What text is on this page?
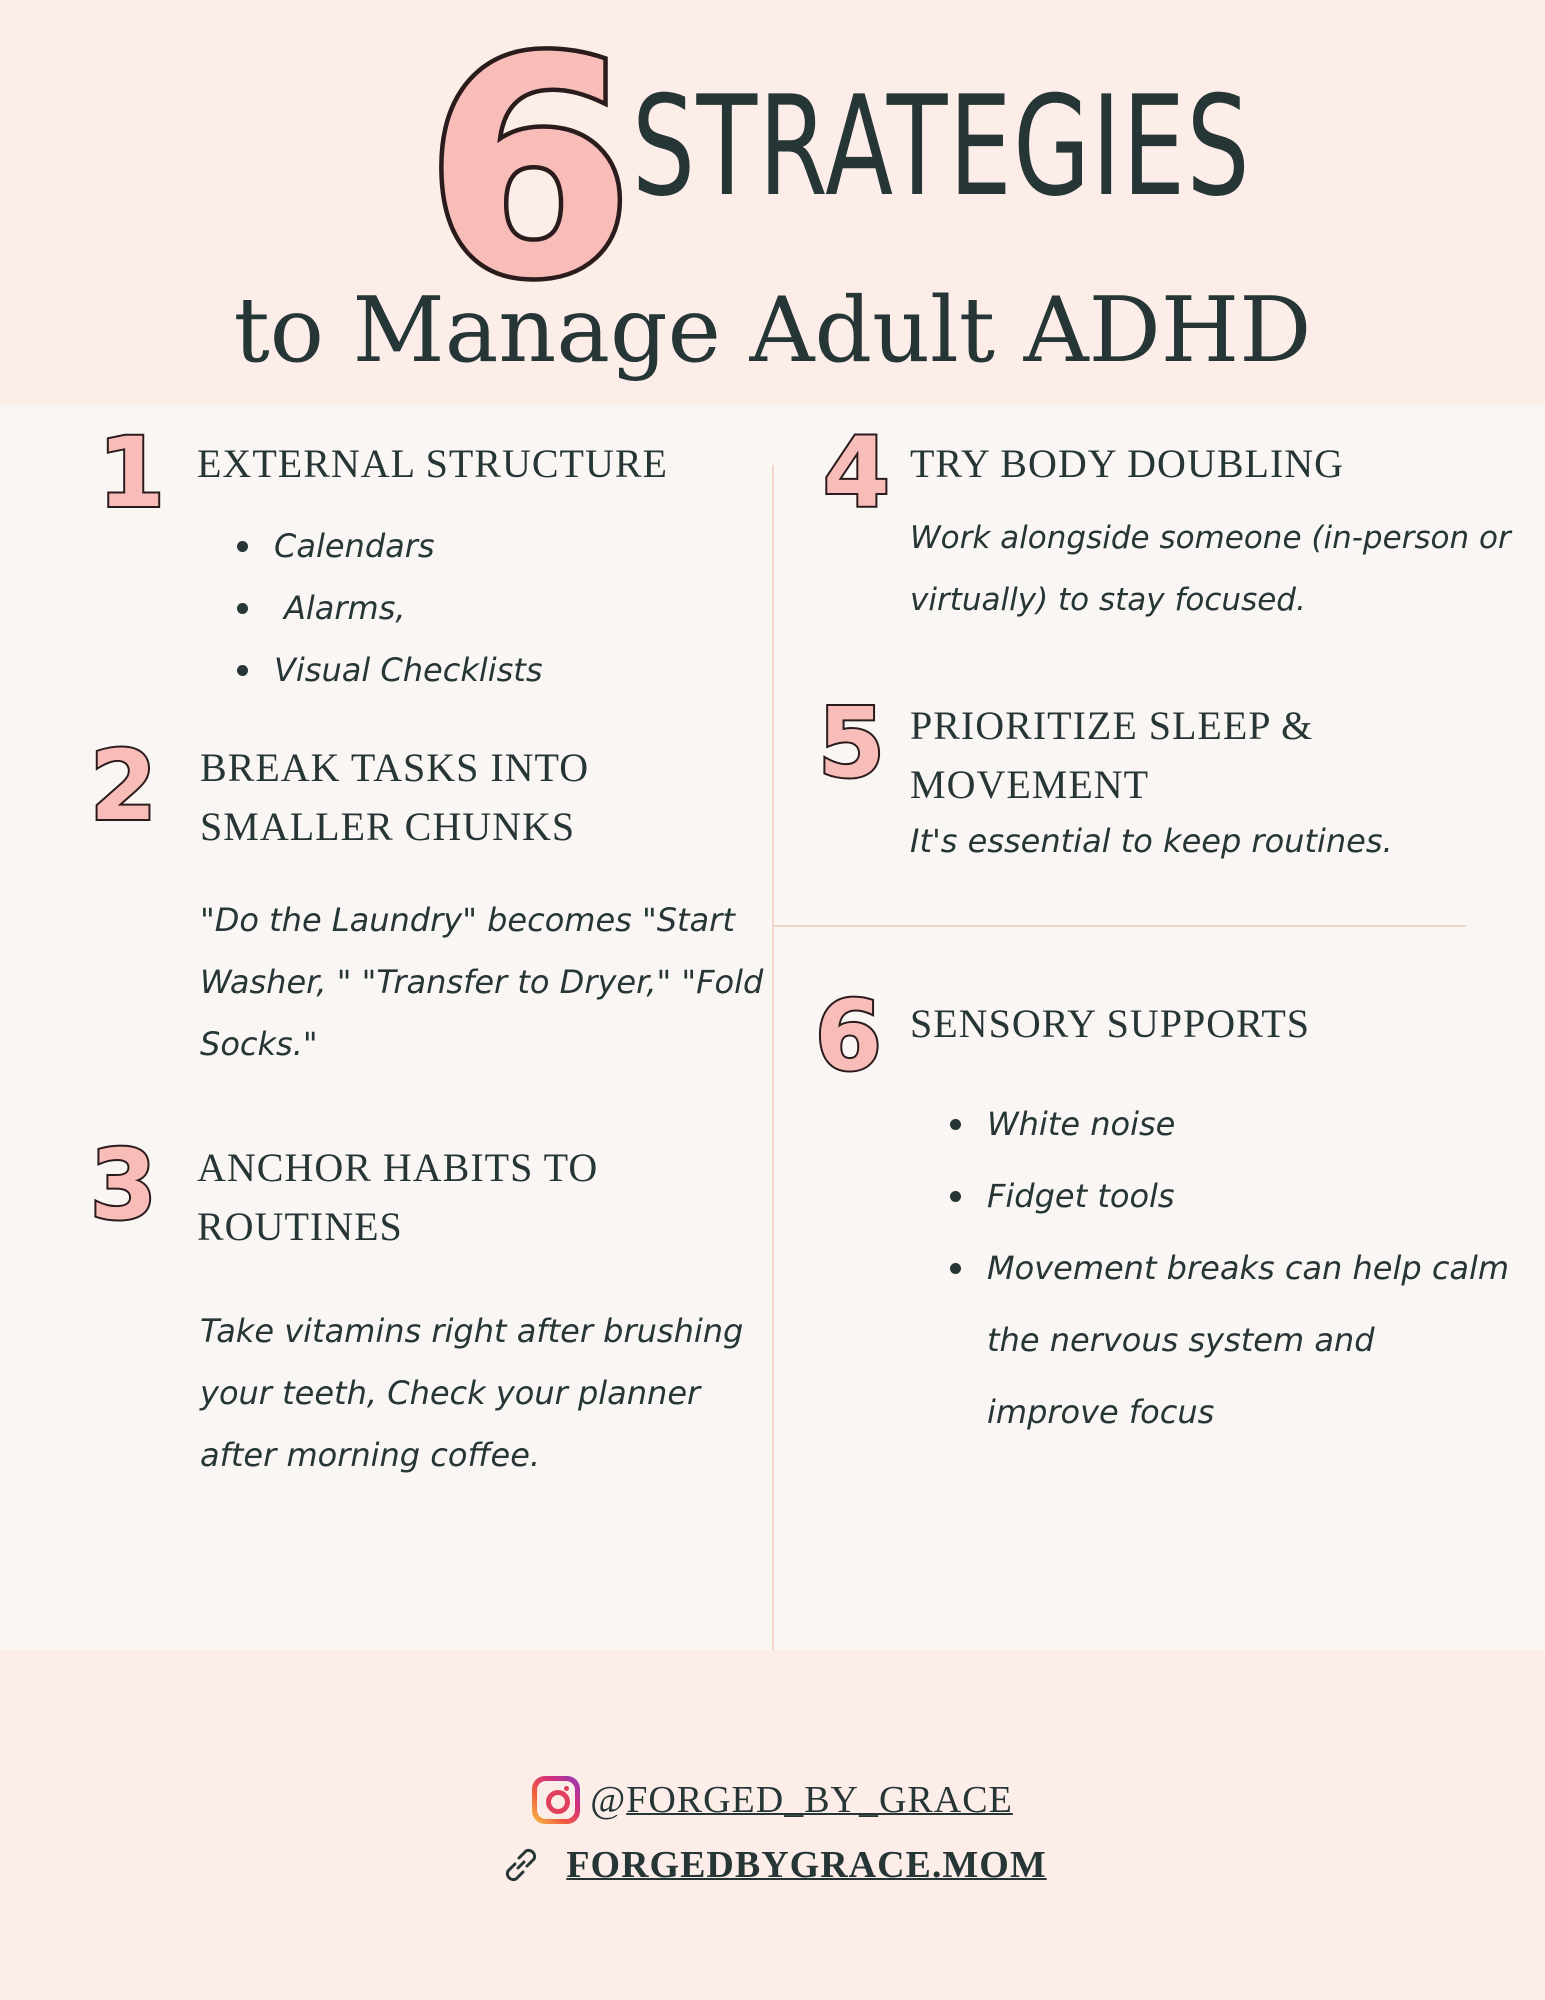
6
STRATEGIES
to Manage Adult ADHD
1 EXTERNAL STRUCTURE
Calendars
Alarms,
Visual Checklists
2 BREAK TASKS INTO
SMALLER CHUNKS
"Do the Laundry" becomes "Start
Washer, " "Transfer to Dryer," "Fold
Socks."
3 ANCHOR HABITS TO
ROUTINES
Take vitamins right after brushing
your teeth, Check your planner
after morning coffee.
4 TRY BODY DOUBLING
Work alongside someone (in-person or
virtually) to stay focused.
5 PRIORITIZE SLEEP &
MOVEMENT
It's essential to keep routines.
6 SENSORY SUPPORTS
White noise
Fidget tools
Movement breaks can help calm
the nervous system and
improve focus
@FORGED_BY_GRACE
FORGEDBYGRACE.MOM
